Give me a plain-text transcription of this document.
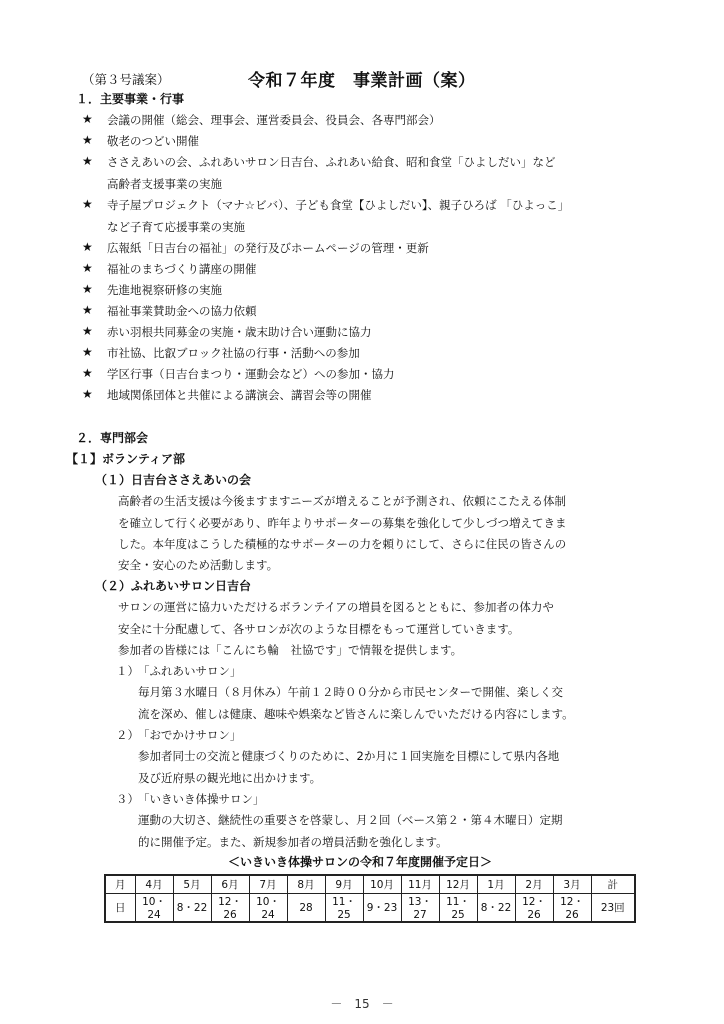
（第３号議案）	令和７年度　事業計画（案）
１．主要事業・行事
★ 会議の開催（総会、理事会、運営委員会、役員会、各専門部会）
★ 敬老のつどい開催
★ ささえあいの会、ふれあいサロン日吉台、ふれあい給食、昭和食堂「ひよしだい」など
高齢者支援事業の実施
★ 寺子屋プロジェクト（マナ☆ビバ）、子ども食堂【ひよしだい】、親子ひろば 「ひよっこ」
など子育て応援事業の実施
★ 広報紙「日吉台の福祉」の発行及びホームページの管理・更新
★ 福祉のまちづくり講座の開催
★ 先進地視察研修の実施
★ 福祉事業賛助金への協力依頼
★ 赤い羽根共同募金の実施・歳末助け合い運動に協力
★ 市社協、比叡ブロック社協の行事・活動への参加
★ 学区行事（日吉台まつり・運動会など）への参加・協力
★ 地域関係団体と共催による講演会、講習会等の開催
２．専門部会
【１】ボランティア部
（１）日吉台ささえあいの会
高齢者の生活支援は今後ますますニーズが増えることが予測され、依頼にこたえる体制
を確立して行く必要があり、昨年よりサポーターの募集を強化して少しづつ増えてきま
した。本年度はこうした積極的なサポーターの力を頼りにして、さらに住民の皆さんの
安全・安心のため活動します。
（２）ふれあいサロン日吉台
サロンの運営に協力いただけるボランテイアの増員を図るとともに、参加者の体力や
安全に十分配慮して、各サロンが次のような目標をもって運営していきます。
参加者の皆様には「こんにち輪　社協です」で情報を提供します。
１） 「ふれあいサロン」
毎月第３水曜日（８月休み）午前１２時００分から市民センターで開催、楽しく交
流を深め、催しは健康、趣味や娯楽など皆さんに楽しんでいただける内容にします。
２） 「おでかけサロン」
参加者同士の交流と健康づくりのために、2か月に１回実施を目標にして県内各地
及び近府県の観光地に出かけます。
３） 「いきいき体操サロン」
運動の大切さ、継続性の重要さを啓蒙し、月２回（ベース第２・第４木曜日）定期
的に開催予定。また、新規参加者の増員活動を強化します。
＜いきいき体操サロンの令和７年度開催予定日＞
月	4月	5月	6月	7月	8月	9月	10月	11月	12月	1月	2月	3月	計
日	10・24	8・22	12・26	10・24	28	11・25	9・23	13・27	11・25	8・22	12・26	12・26	23回
－　15　－
